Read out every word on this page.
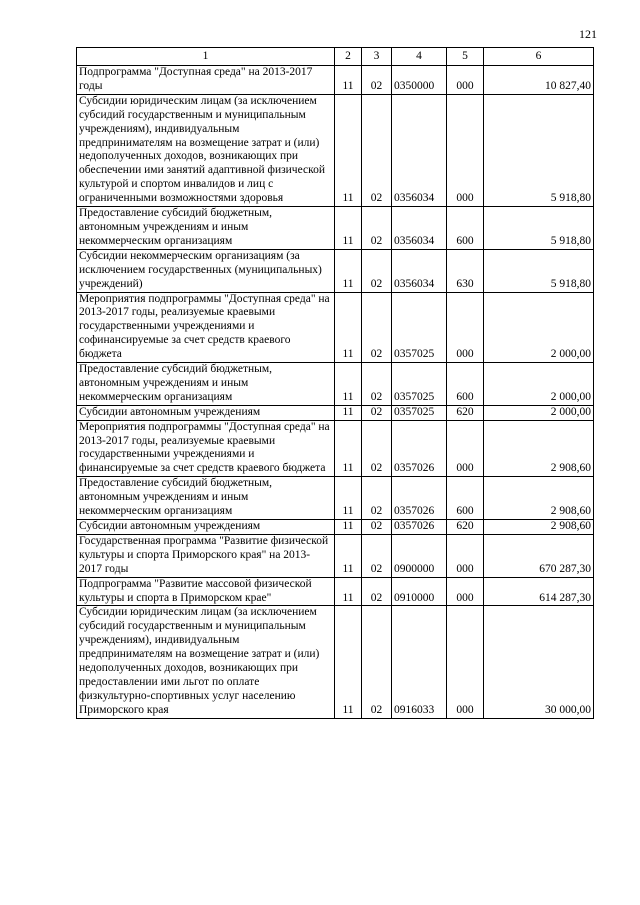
121
1	2	3	4	5	6
Подпрограмма "Доступная среда" на 2013-2017 годы	11	02	0350000	000	10 827,40
Субсидии юридическим лицам (за исключением субсидий государственным и муниципальным учреждениям), индивидуальным предпринимателям на возмещение затрат и (или) недополученных доходов, возникающих при обеспечении ими занятий адаптивной физической культурой и спортом инвалидов и лиц с ограниченными возможностями здоровья	11	02	0356034	000	5 918,80
Предоставление субсидий бюджетным, автономным учреждениям и иным некоммерческим организациям	11	02	0356034	600	5 918,80
Субсидии некоммерческим организациям (за исключением государственных (муниципальных) учреждений)	11	02	0356034	630	5 918,80
Мероприятия подпрограммы "Доступная среда" на 2013-2017 годы, реализуемые краевыми государственными учреждениями и софинансируемые за счет средств краевого бюджета	11	02	0357025	000	2 000,00
Предоставление субсидий бюджетным, автономным учреждениям и иным некоммерческим организациям	11	02	0357025	600	2 000,00
Субсидии автономным учреждениям	11	02	0357025	620	2 000,00
Мероприятия подпрограммы "Доступная среда" на 2013-2017 годы, реализуемые краевыми государственными учреждениями и финансируемые за счет средств краевого бюджета	11	02	0357026	000	2 908,60
Предоставление субсидий бюджетным, автономным учреждениям и иным некоммерческим организациям	11	02	0357026	600	2 908,60
Субсидии автономным учреждениям	11	02	0357026	620	2 908,60
Государственная программа "Развитие физической культуры и спорта Приморского края" на 2013-2017 годы	11	02	0900000	000	670 287,30
Подпрограмма "Развитие массовой физической культуры и спорта в Приморском крае"	11	02	0910000	000	614 287,30
Субсидии юридическим лицам (за исключением субсидий государственным и муниципальным учреждениям), индивидуальным предпринимателям на возмещение затрат и (или) недополученных доходов, возникающих при предоставлении ими льгот по оплате физкультурно-спортивных услуг населению Приморского края	11	02	0916033	000	30 000,00
